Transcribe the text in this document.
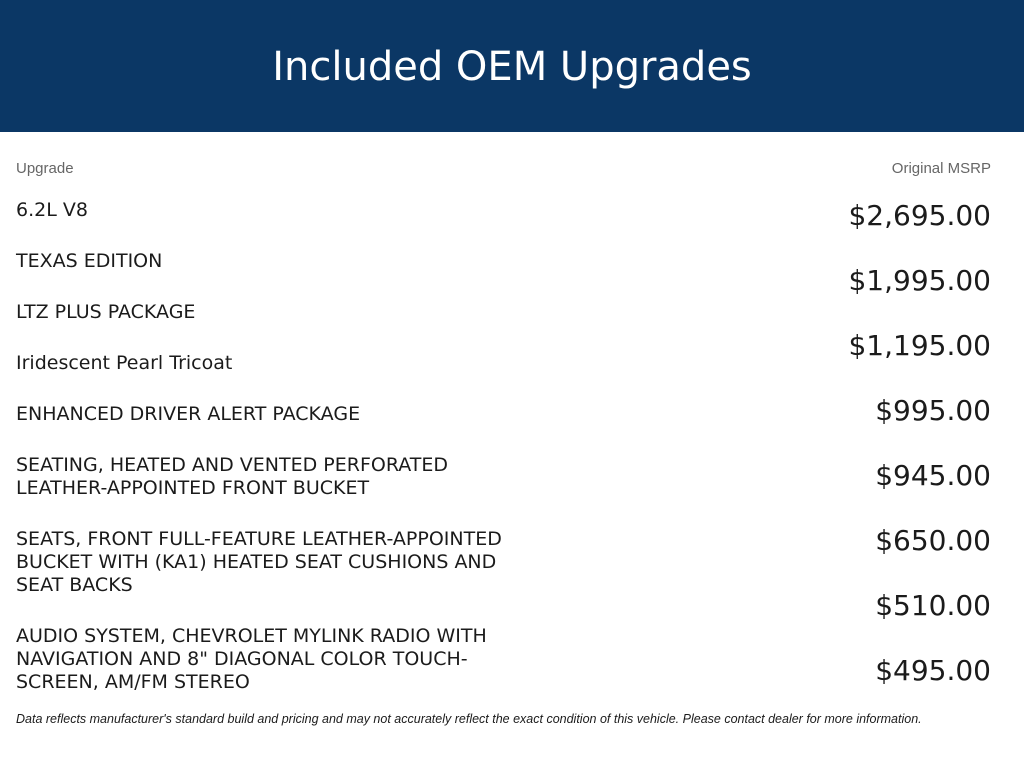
Included OEM Upgrades
Upgrade	Original MSRP
6.2L V8
TEXAS EDITION
LTZ PLUS PACKAGE
Iridescent Pearl Tricoat
ENHANCED DRIVER ALERT PACKAGE
SEATING, HEATED AND VENTED PERFORATED
LEATHER-APPOINTED FRONT BUCKET
SEATS, FRONT FULL-FEATURE LEATHER-APPOINTED
BUCKET WITH (KA1) HEATED SEAT CUSHIONS AND
SEAT BACKS
AUDIO SYSTEM, CHEVROLET MYLINK RADIO WITH
NAVIGATION AND 8" DIAGONAL COLOR TOUCH-
SCREEN, AM/FM STEREO
$2,695.00
$1,995.00
$1,195.00
$995.00
$945.00
$650.00
$510.00
$495.00
Data reflects manufacturer's standard build and pricing and may not accurately reflect the exact condition of this vehicle. Please contact dealer for more information.
